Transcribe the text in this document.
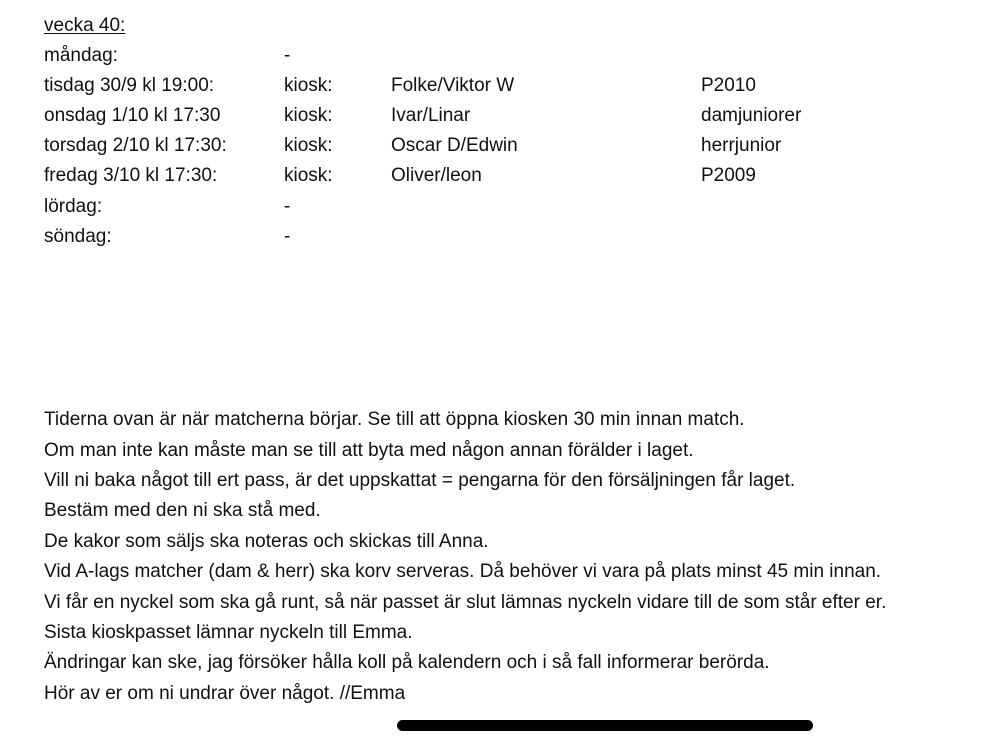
vecka 40:
måndag:	-
tisdag 30/9 kl 19:00:	kiosk:	Folke/Viktor W	P2010
onsdag 1/10 kl 17:30	kiosk:	Ivar/Linar	damjuniorer
torsdag 2/10 kl 17:30:	kiosk:	Oscar D/Edwin	herrjunior
fredag 3/10 kl 17:30:	kiosk:	Oliver/leon	P2009
lördag:	-
söndag:	-
Tiderna ovan är när matcherna börjar. Se till att öppna kiosken 30 min innan match.
Om man inte kan måste man se till att byta med någon annan förälder i laget.
Vill ni baka något till ert pass, är det uppskattat = pengarna för den försäljningen får laget.
Bestäm med den ni ska stå med.
De kakor som säljs ska noteras och skickas till Anna.
Vid A-lags matcher (dam & herr) ska korv serveras. Då behöver vi vara på plats minst 45 min innan.
Vi får en nyckel som ska gå runt, så när passet är slut lämnas nyckeln vidare till de som står efter er.
Sista kioskpasset lämnar nyckeln till Emma.
Ändringar kan ske, jag försöker hålla koll på kalendern och i så fall informerar berörda.
Hör av er om ni undrar över något. //Emma
